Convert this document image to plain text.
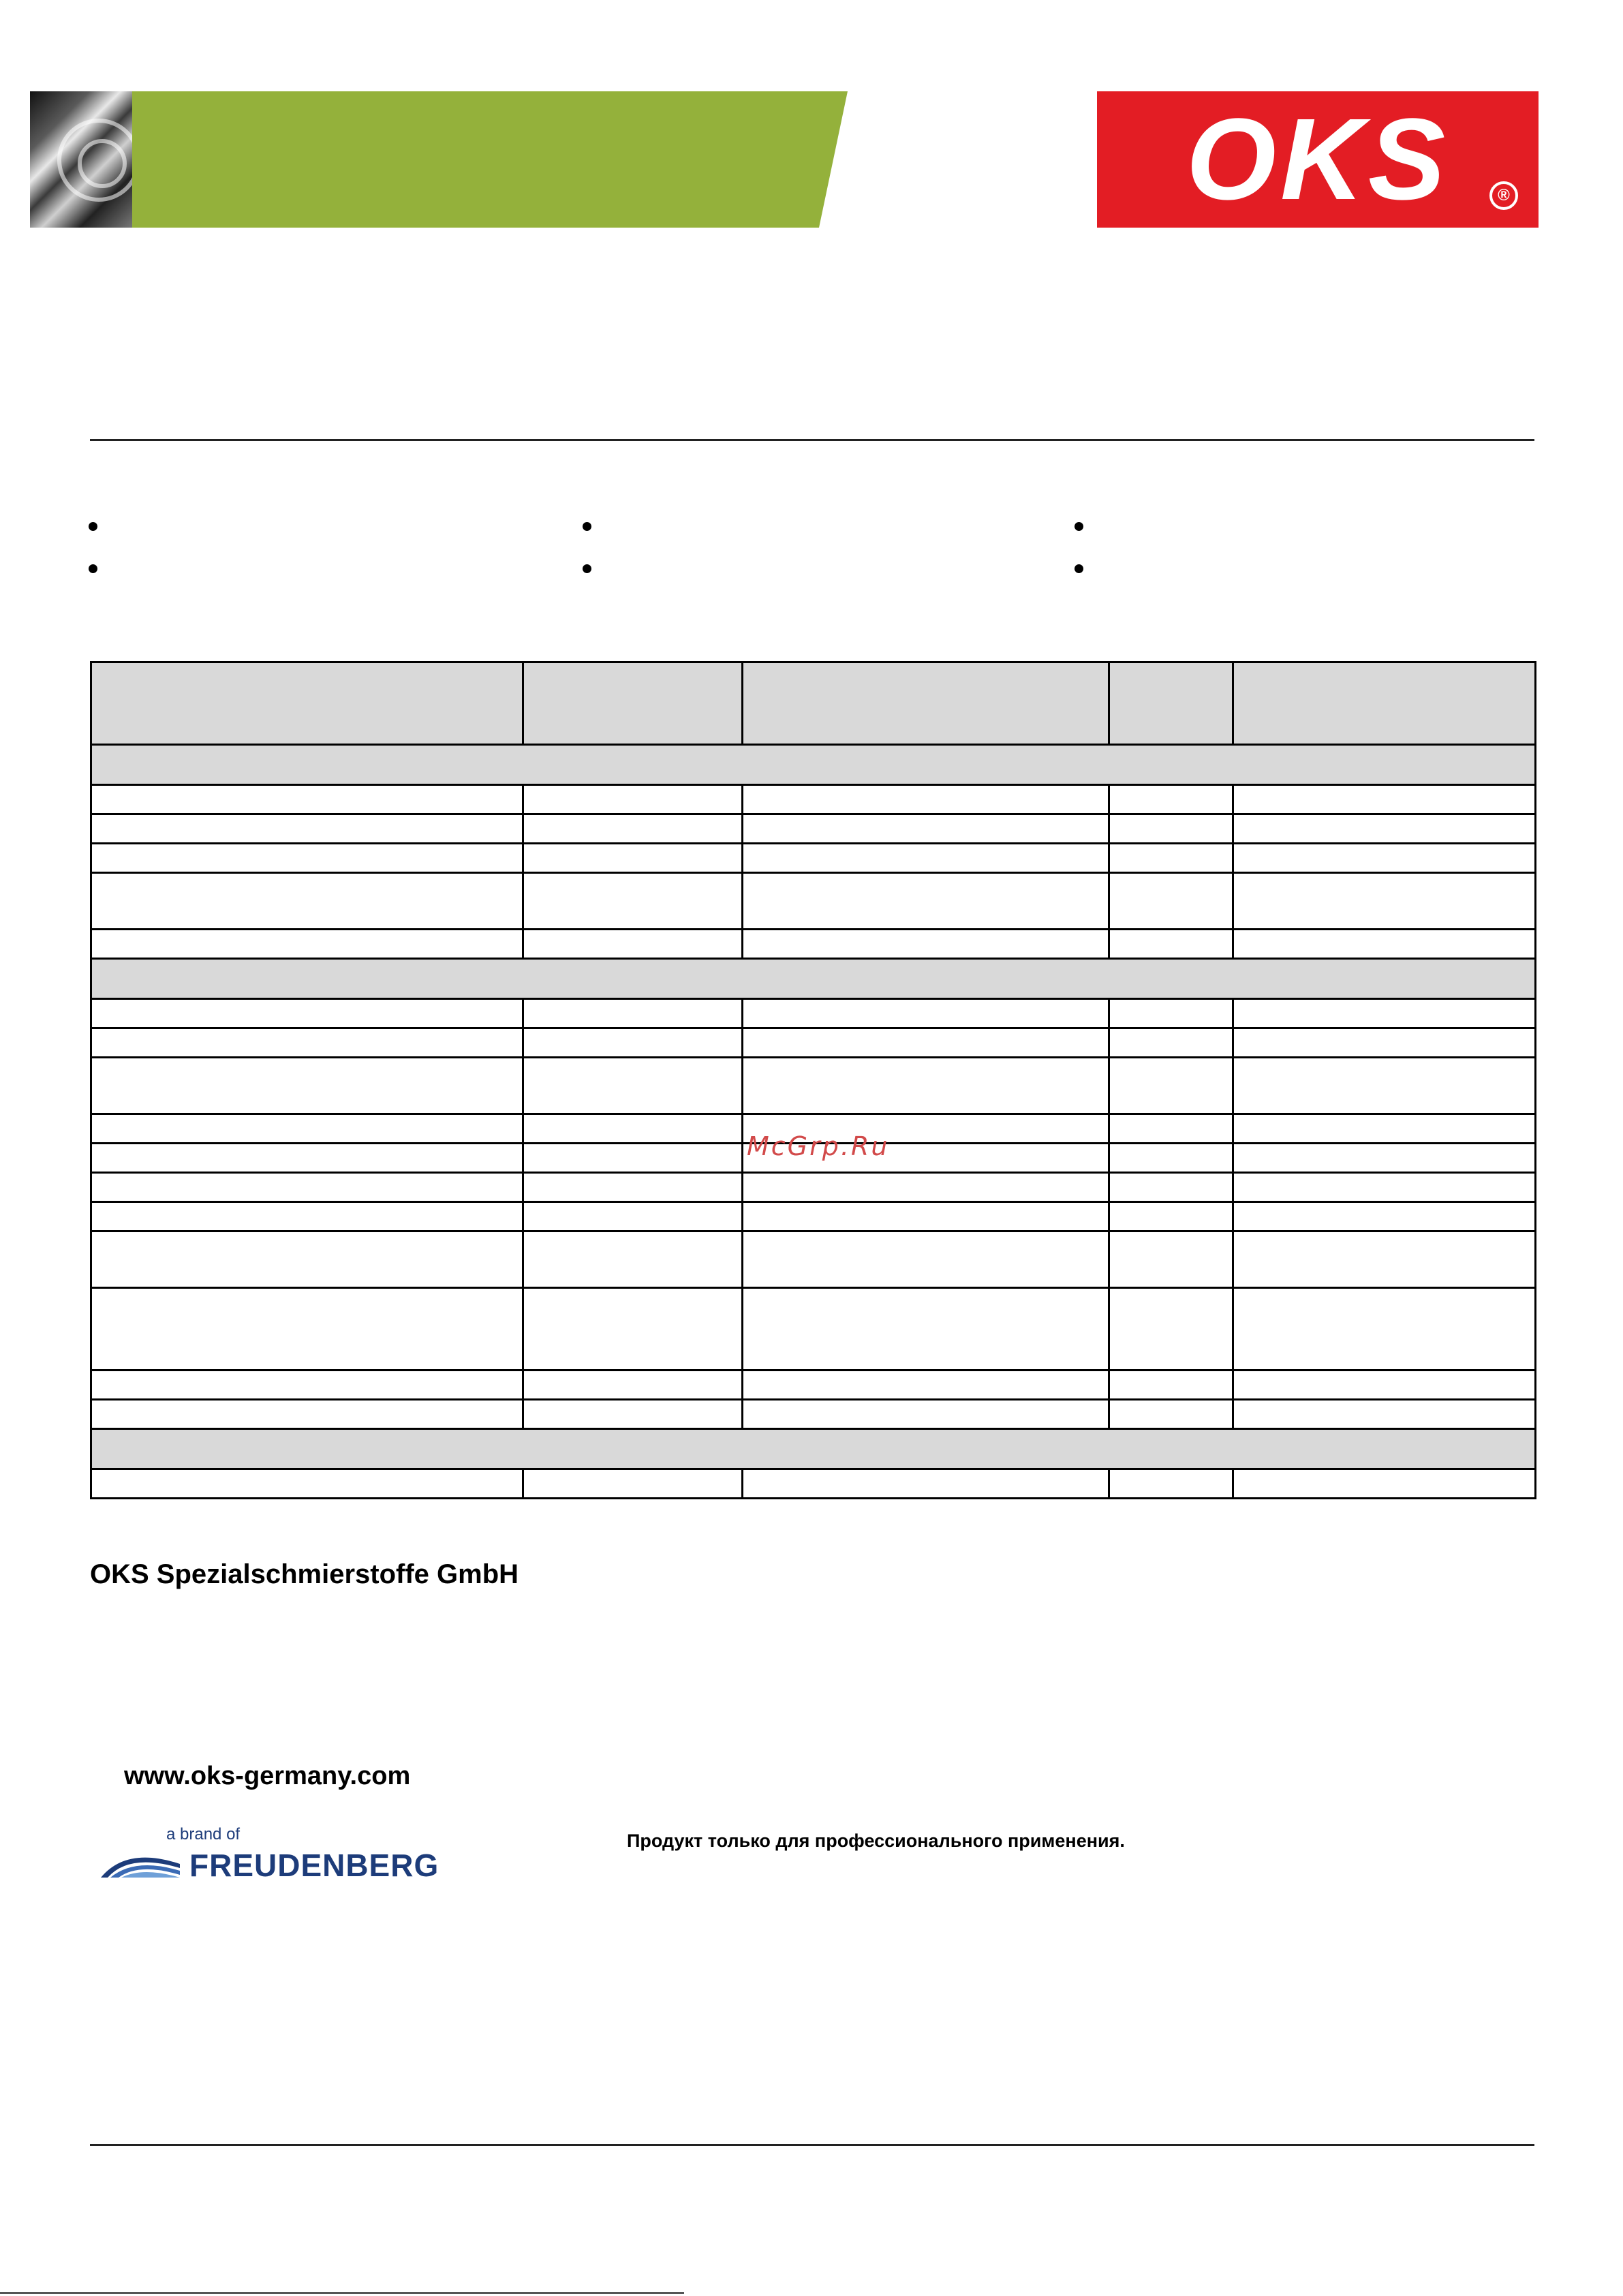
OKS	®

McGrp.Ru
OKS Spezialschmierstoffe GmbH
www.oks-germany.com
a brand of
FREUDENBERG
Продукт только для профессионального применения.
